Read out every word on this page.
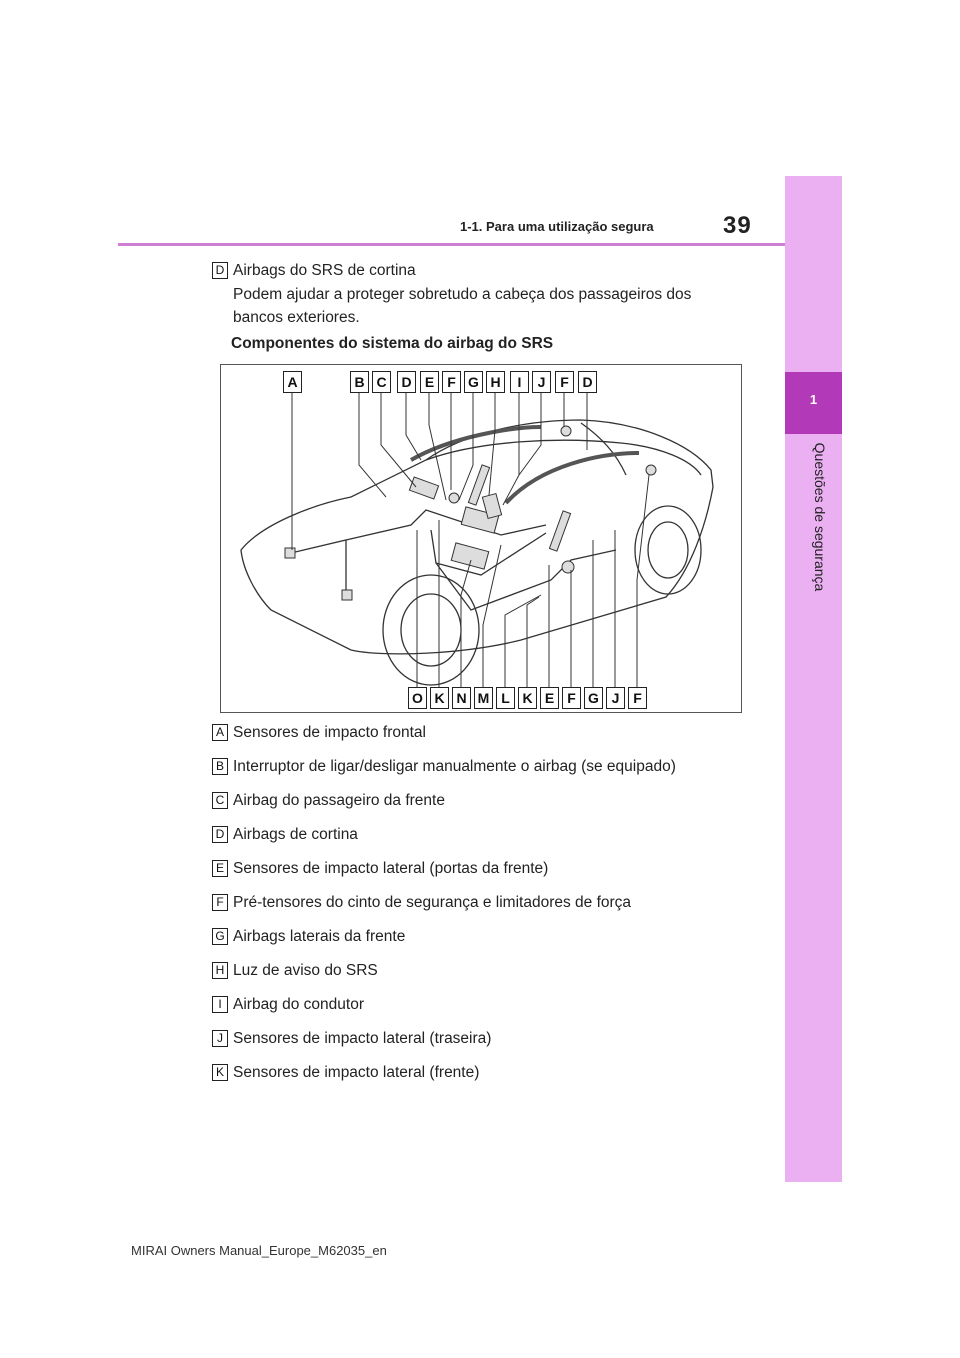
1
Questões de segurança
1-1. Para uma utilização segura	39
D Airbags do SRS de cortina
Podem ajudar a proteger sobretudo a cabeça dos passageiros dos
bancos exteriores.
Componentes do sistema do airbag do SRS
A	B C	D E F G H	I	J	F D
O K N M L K E F G J F
A Sensores de impacto frontal
B Interruptor de ligar/desligar manualmente o airbag (se equipado)
C Airbag do passageiro da frente
D Airbags de cortina
E Sensores de impacto lateral (portas da frente)
F Pré-tensores do cinto de segurança e limitadores de força
G Airbags laterais da frente
H Luz de aviso do SRS
I Airbag do condutor
J Sensores de impacto lateral (traseira)
K Sensores de impacto lateral (frente)
MIRAI Owners Manual_Europe_M62035_en
